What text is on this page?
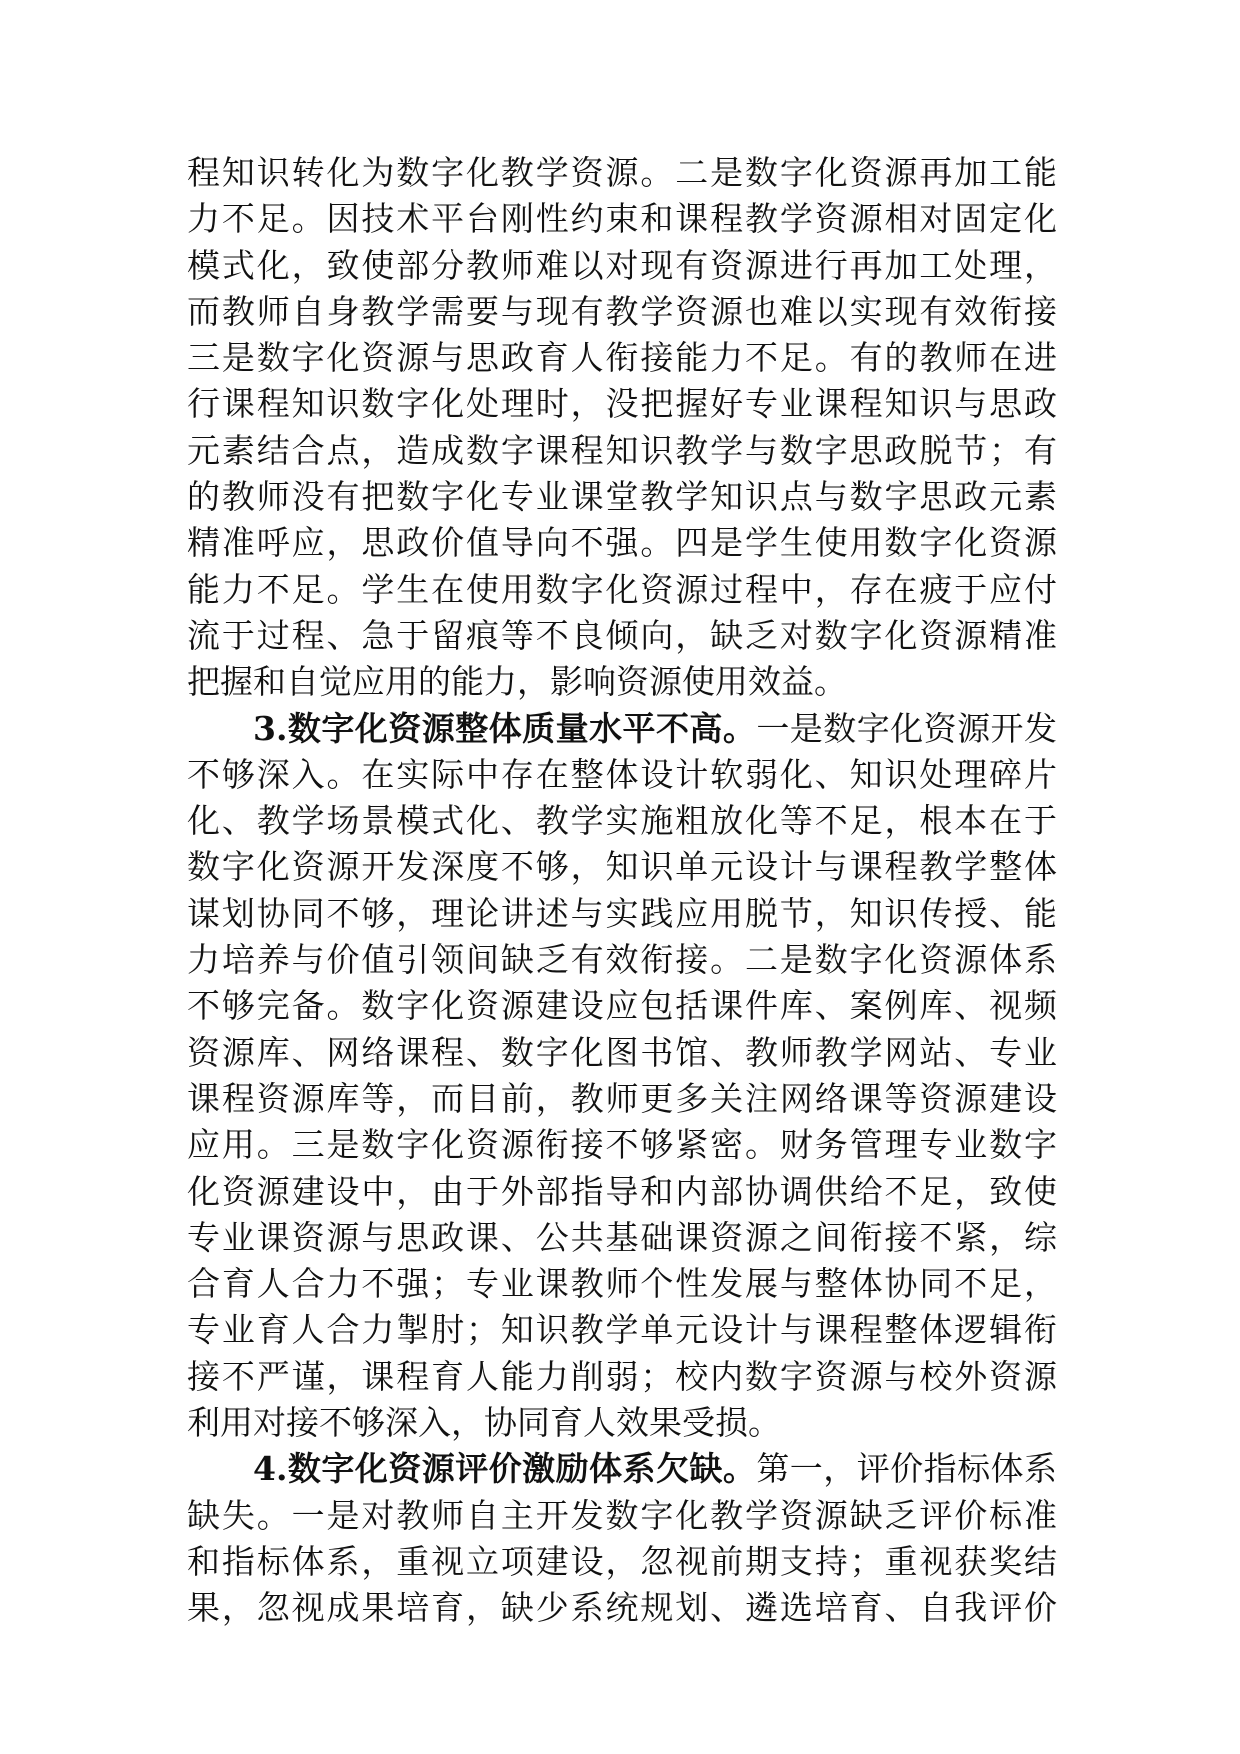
程知识转化为数字化教学资源。二是数字化资源再加工能
力不足。因技术平台刚性约束和课程教学资源相对固定化
模式化，致使部分教师难以对现有资源进行再加工处理，
而教师自身教学需要与现有教学资源也难以实现有效衔接
三是数字化资源与思政育人衔接能力不足。有的教师在进
行课程知识数字化处理时，没把握好专业课程知识与思政
元素结合点，造成数字课程知识教学与数字思政脱节；有
的教师没有把数字化专业课堂教学知识点与数字思政元素
精准呼应，思政价值导向不强。四是学生使用数字化资源
能力不足。学生在使用数字化资源过程中，存在疲于应付
流于过程、急于留痕等不良倾向，缺乏对数字化资源精准
把握和自觉应用的能力，影响资源使用效益。
3.数字化资源整体质量水平不高。一是数字化资源开发
不够深入。在实际中存在整体设计软弱化、知识处理碎片
化、教学场景模式化、教学实施粗放化等不足，根本在于
数字化资源开发深度不够，知识单元设计与课程教学整体
谋划协同不够，理论讲述与实践应用脱节，知识传授、能
力培养与价值引领间缺乏有效衔接。二是数字化资源体系
不够完备。数字化资源建设应包括课件库、案例库、视频
资源库、网络课程、数字化图书馆、教师教学网站、专业
课程资源库等，而目前，教师更多关注网络课等资源建设
应用。三是数字化资源衔接不够紧密。财务管理专业数字
化资源建设中，由于外部指导和内部协调供给不足，致使
专业课资源与思政课、公共基础课资源之间衔接不紧，综
合育人合力不强；专业课教师个性发展与整体协同不足，
专业育人合力掣肘；知识教学单元设计与课程整体逻辑衔
接不严谨，课程育人能力削弱；校内数字资源与校外资源
利用对接不够深入，协同育人效果受损。
4.数字化资源评价激励体系欠缺。第一，评价指标体系
缺失。一是对教师自主开发数字化教学资源缺乏评价标准
和指标体系，重视立项建设，忽视前期支持；重视获奖结
果，忽视成果培育，缺少系统规划、遴选培育、自我评价
